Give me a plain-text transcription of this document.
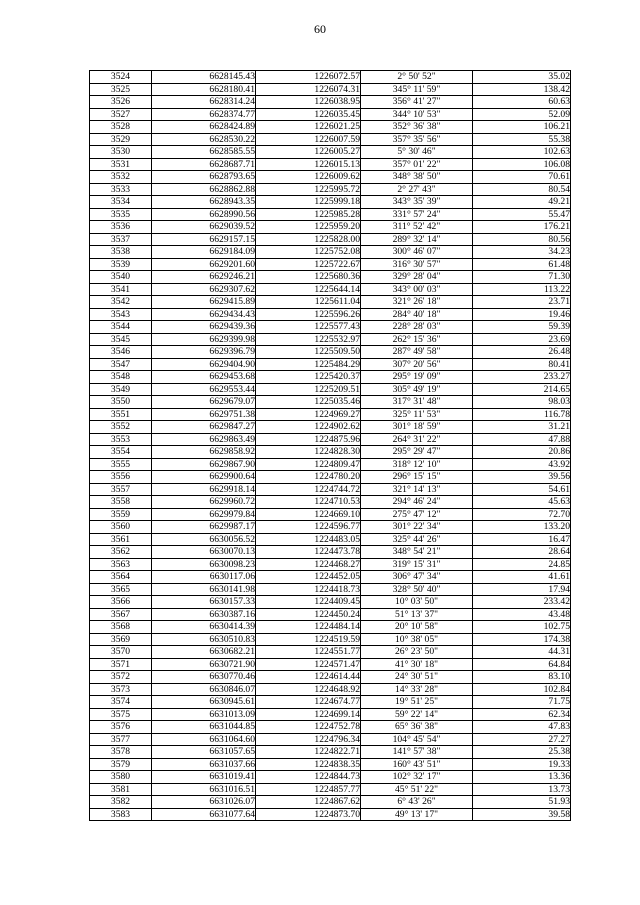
60
3524	6628145.43	1226072.57	2° 50' 52"	35.02
3525	6628180.41	1226074.31	345° 11' 59"	138.42
3526	6628314.24	1226038.95	356° 41' 27"	60.63
3527	6628374.77	1226035.45	344° 10' 53"	52.09
3528	6628424.89	1226021.25	352° 36' 38"	106.21
3529	6628530.22	1226007.59	357° 35' 56"	55.38
3530	6628585.55	1226005.27	5° 30' 46"	102.63
3531	6628687.71	1226015.13	357° 01' 22"	106.08
3532	6628793.65	1226009.62	348° 38' 50"	70.61
3533	6628862.88	1225995.72	2° 27' 43"	80.54
3534	6628943.35	1225999.18	343° 35' 39"	49.21
3535	6628990.56	1225985.28	331° 57' 24"	55.47
3536	6629039.52	1225959.20	311° 52' 42"	176.21
3537	6629157.15	1225828.00	289° 32' 14"	80.56
3538	6629184.09	1225752.08	300° 46' 07"	34.23
3539	6629201.60	1225722.67	316° 30' 57"	61.48
3540	6629246.21	1225680.36	329° 28' 04"	71.30
3541	6629307.62	1225644.14	343° 00' 03"	113.22
3542	6629415.89	1225611.04	321° 26' 18"	23.71
3543	6629434.43	1225596.26	284° 40' 18"	19.46
3544	6629439.36	1225577.43	228° 28' 03"	59.39
3545	6629399.98	1225532.97	262° 15' 36"	23.69
3546	6629396.79	1225509.50	287° 49' 58"	26.48
3547	6629404.90	1225484.29	307° 20' 56"	80.41
3548	6629453.68	1225420.37	295° 19' 09"	233.27
3549	6629553.44	1225209.51	305° 49' 19"	214.65
3550	6629679.07	1225035.46	317° 31' 48"	98.03
3551	6629751.38	1224969.27	325° 11' 53"	116.78
3552	6629847.27	1224902.62	301° 18' 59"	31.21
3553	6629863.49	1224875.96	264° 31' 22"	47.88
3554	6629858.92	1224828.30	295° 29' 47"	20.86
3555	6629867.90	1224809.47	318° 12' 10"	43.92
3556	6629900.64	1224780.20	296° 15' 15"	39.56
3557	6629918.14	1224744.72	321° 14' 13"	54.61
3558	6629960.72	1224710.53	294° 46' 24"	45.63
3559	6629979.84	1224669.10	275° 47' 12"	72.70
3560	6629987.17	1224596.77	301° 22' 34"	133.20
3561	6630056.52	1224483.05	325° 44' 26"	16.47
3562	6630070.13	1224473.78	348° 54' 21"	28.64
3563	6630098.23	1224468.27	319° 15' 31"	24.85
3564	6630117.06	1224452.05	306° 47' 34"	41.61
3565	6630141.98	1224418.73	328° 50' 40"	17.94
3566	6630157.33	1224409.45	10° 03' 50"	233.42
3567	6630387.16	1224450.24	51° 13' 37"	43.48
3568	6630414.39	1224484.14	20° 10' 58"	102.75
3569	6630510.83	1224519.59	10° 38' 05"	174.38
3570	6630682.21	1224551.77	26° 23' 50"	44.31
3571	6630721.90	1224571.47	41° 30' 18"	64.84
3572	6630770.46	1224614.44	24° 30' 51"	83.10
3573	6630846.07	1224648.92	14° 33' 28"	102.84
3574	6630945.61	1224674.77	19° 51' 25"	71.75
3575	6631013.09	1224699.14	59° 22' 14"	62.34
3576	6631044.85	1224752.78	65° 36' 38"	47.83
3577	6631064.60	1224796.34	104° 45' 54"	27.27
3578	6631057.65	1224822.71	141° 57' 38"	25.38
3579	6631037.66	1224838.35	160° 43' 51"	19.33
3580	6631019.41	1224844.73	102° 32' 17"	13.36
3581	6631016.51	1224857.77	45° 51' 22"	13.73
3582	6631026.07	1224867.62	6° 43' 26"	51.93
3583	6631077.64	1224873.70	49° 13' 17"	39.58
